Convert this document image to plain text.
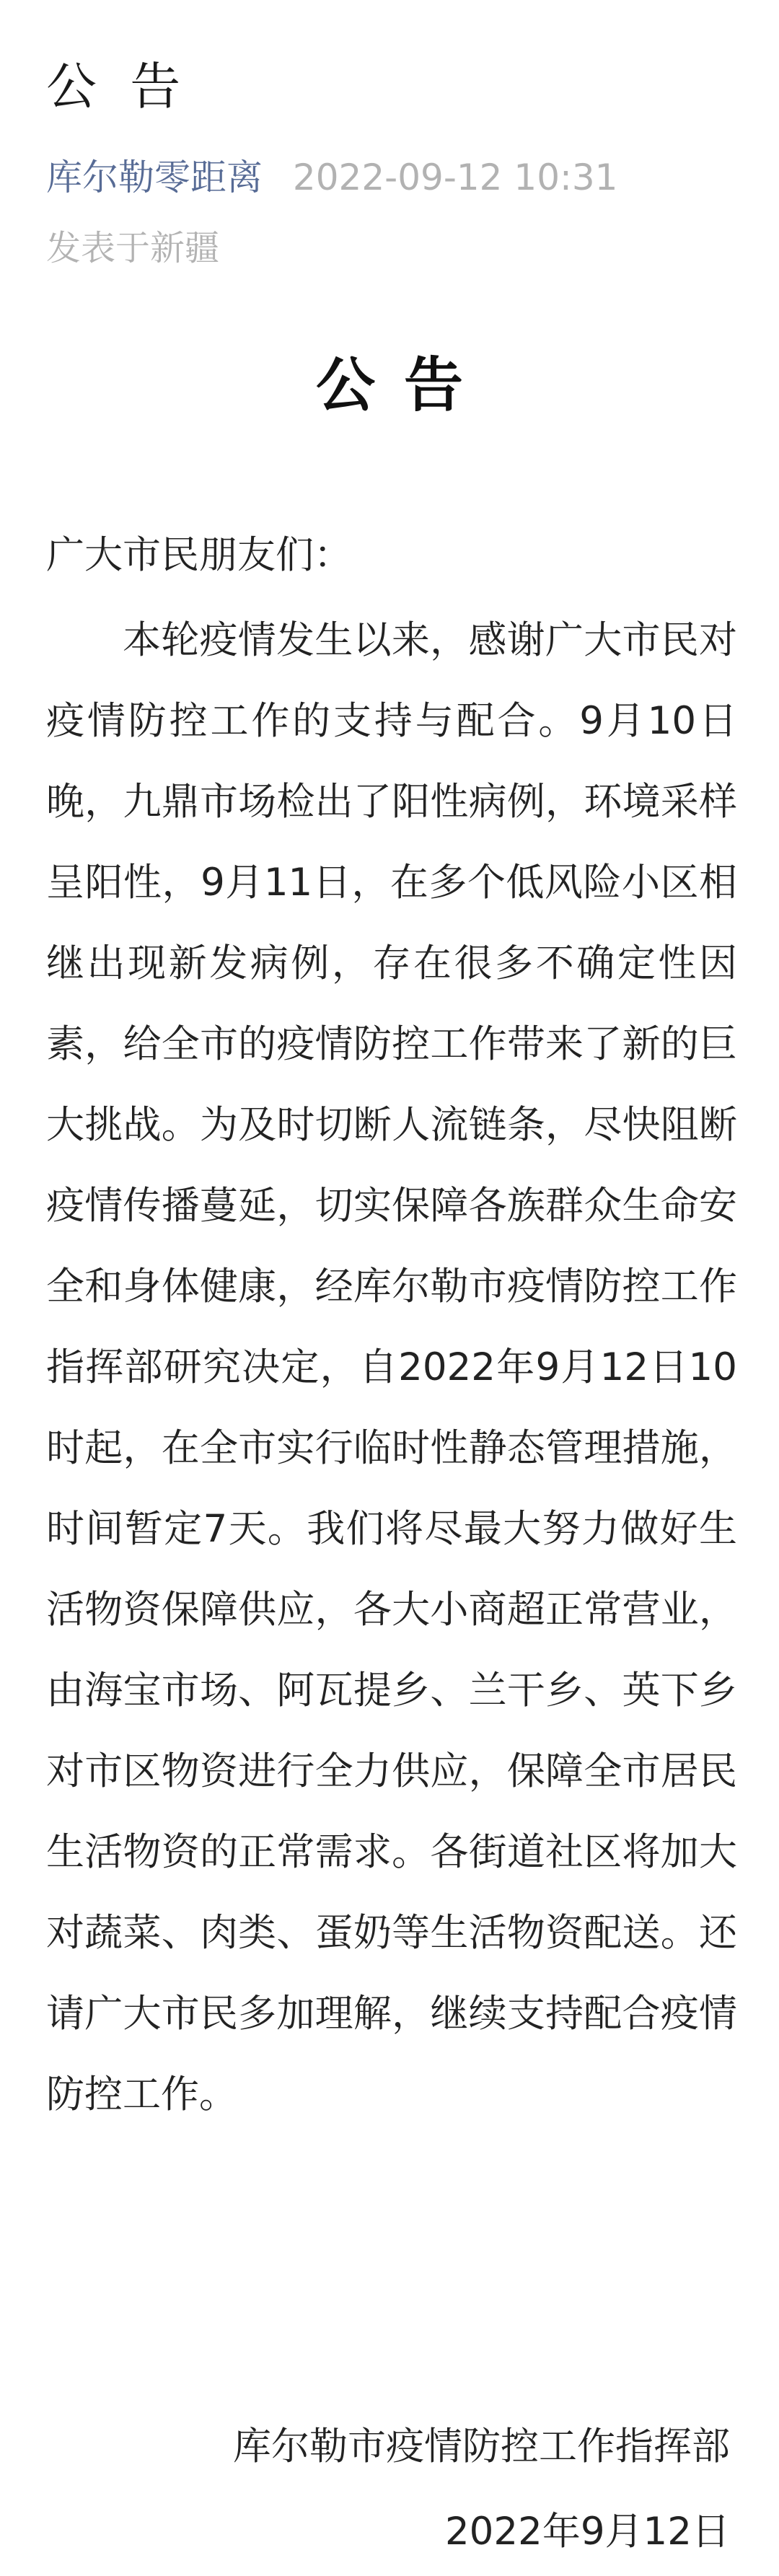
公 告
库尔勒零距离 2022-09-12 10:31
发表于新疆
公告
广大市民朋友们：

本轮疫情发生以来，感谢广大市民对疫情防控工作的支持与配合。9月10日晚，九鼎市场检出了阳性病例，环境采样呈阳性，9月11日，在多个低风险小区相继出现新发病例，存在很多不确定性因素，给全市的疫情防控工作带来了新的巨大挑战。为及时切断人流链条，尽快阻断疫情传播蔓延，切实保障各族群众生命安全和身体健康，经库尔勒市疫情防控工作指挥部研究决定，自2022年9月12日10时起，在全市实行临时性静态管理措施，时间暂定7天。我们将尽最大努力做好生活物资保障供应，各大小商超正常营业，由海宝市场、阿瓦提乡、兰干乡、英下乡对市区物资进行全力供应，保障全市居民生活物资的正常需求。各街道社区将加大对蔬菜、肉类、蛋奶等生活物资配送。还请广大市民多加理解，继续支持配合疫情防控工作。

库尔勒市疫情防控工作指挥部
2022年9月12日
